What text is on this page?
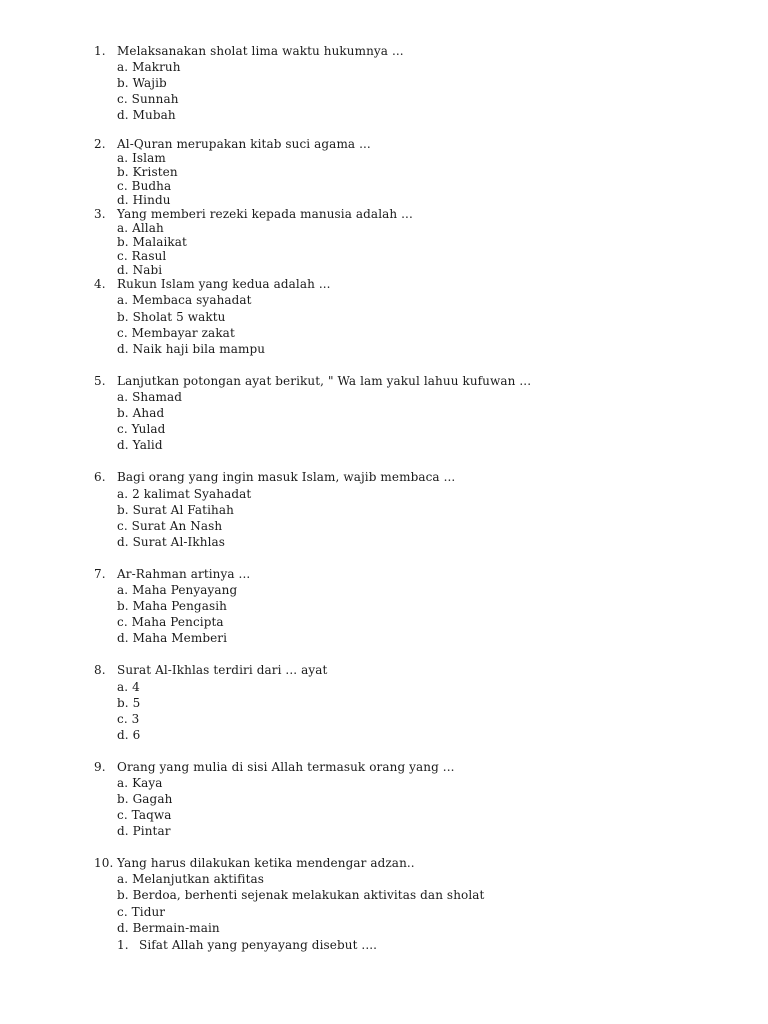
1. Melaksanakan sholat lima waktu hukumnya ...
a. Makruh
b. Wajib
c. Sunnah
d. Mubah
2. Al-Quran merupakan kitab suci agama ...
a. Islam
b. Kristen
c. Budha
d. Hindu
3. Yang memberi rezeki kepada manusia adalah ...
a. Allah
b. Malaikat
c. Rasul
d. Nabi
4. Rukun Islam yang kedua adalah ...
a. Membaca syahadat
b. Sholat 5 waktu
c. Membayar zakat
d. Naik haji bila mampu
5. Lanjutkan potongan ayat berikut, " Wa lam yakul lahuu kufuwan ...
a. Shamad
b. Ahad
c. Yulad
d. Yalid
6. Bagi orang yang ingin masuk Islam, wajib membaca ...
a. 2 kalimat Syahadat
b. Surat Al Fatihah
c. Surat An Nash
d. Surat Al-Ikhlas
7. Ar-Rahman artinya ...
a. Maha Penyayang
b. Maha Pengasih
c. Maha Pencipta
d. Maha Memberi
8. Surat Al-Ikhlas terdiri dari ... ayat
a. 4
b. 5
c. 3
d. 6
9. Orang yang mulia di sisi Allah termasuk orang yang ...
a. Kaya
b. Gagah
c. Taqwa
d. Pintar
10. Yang harus dilakukan ketika mendengar adzan..
a. Melanjutkan aktifitas
b. Berdoa, berhenti sejenak melakukan aktivitas dan sholat
c. Tidur
d. Bermain-main
1. Sifat Allah yang penyayang disebut ....
